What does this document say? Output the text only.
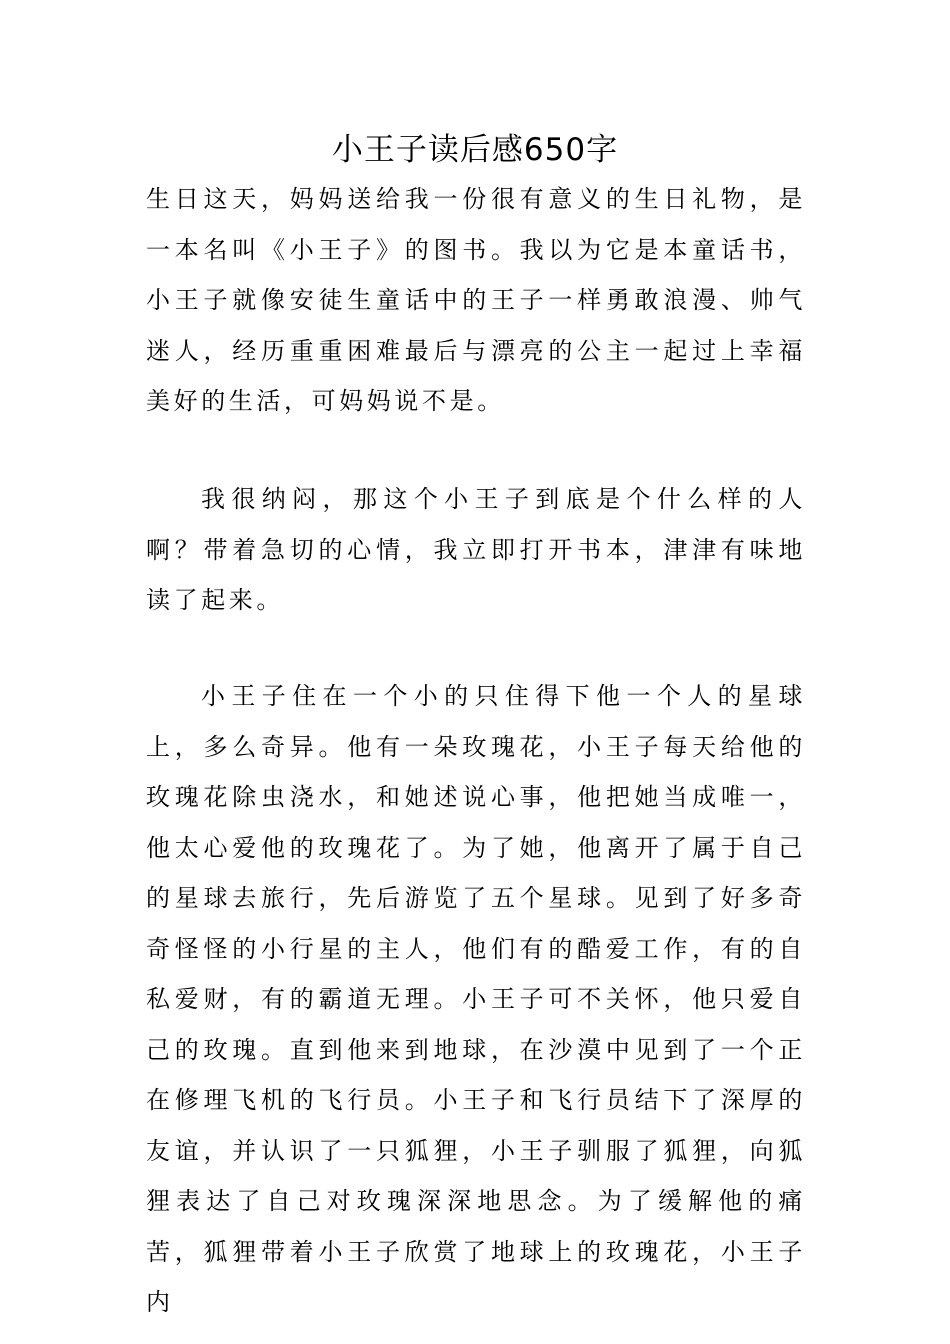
小王子读后感650字

生日这天，妈妈送给我一份很有意义的生日礼物，是一本名叫《小王子》的图书。我以为它是本童话书，小王子就像安徒生童话中的王子一样勇敢浪漫、帅气迷人，经历重重困难最后与漂亮的公主一起过上幸福美好的生活，可妈妈说不是。

我很纳闷，那这个小王子到底是个什么样的人啊？带着急切的心情，我立即打开书本，津津有味地读了起来。

小王子住在一个小的只住得下他一个人的星球上，多么奇异。他有一朵玫瑰花，小王子每天给他的玫瑰花除虫浇水，和她述说心事，他把她当成唯一，他太心爱他的玫瑰花了。为了她，他离开了属于自己的星球去旅行，先后游览了五个星球。见到了好多奇奇怪怪的小行星的主人，他们有的酷爱工作，有的自私爱财，有的霸道无理。小王子可不关怀，他只爱自己的玫瑰。直到他来到地球，在沙漠中见到了一个正在修理飞机的飞行员。小王子和飞行员结下了深厚的友谊，并认识了一只狐狸，小王子驯服了狐狸，向狐狸表达了自己对玫瑰深深地思念。为了缓解他的痛苦，狐狸带着小王子欣赏了地球上的玫瑰花，小王子内
